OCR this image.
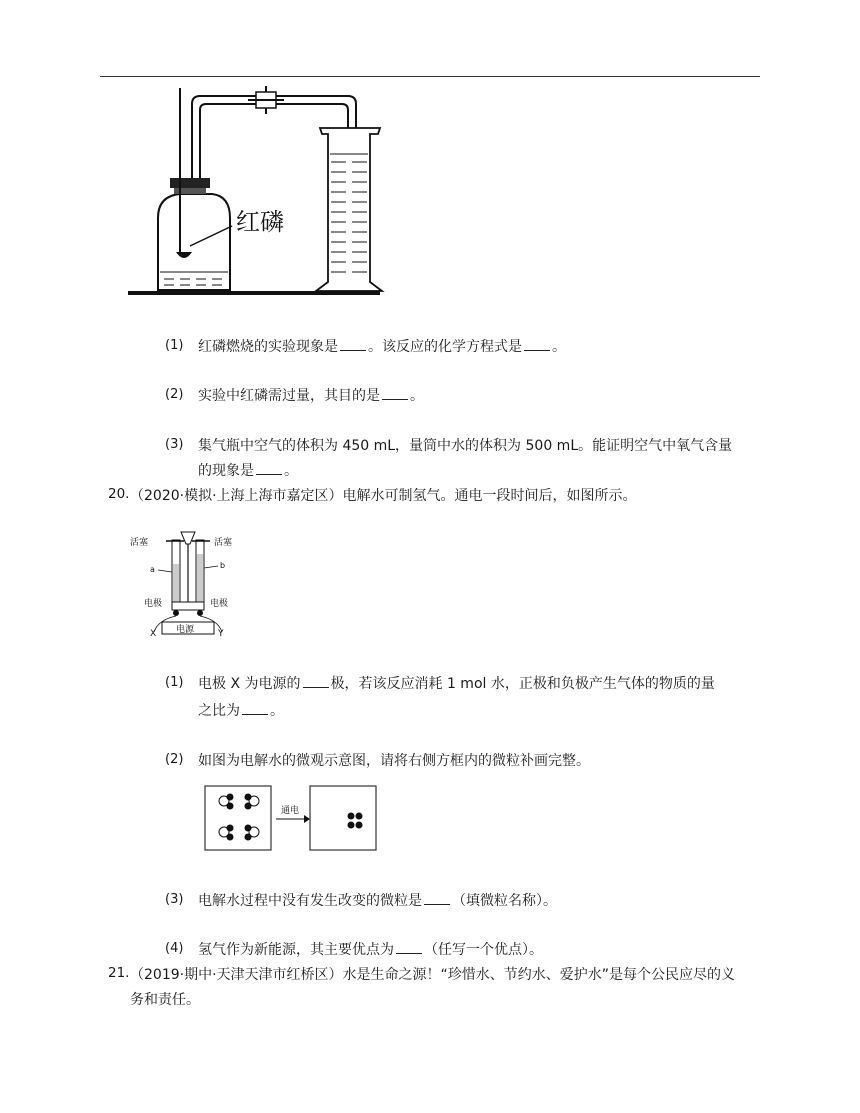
红磷
(1) 红磷燃烧的实验现象是 。该反应的化学方程式是 。
(2) 实验中红磷需过量，其目的是 。
(3) 集气瓶中空气的体积为 450 mL，量筒中水的体积为 500 mL。能证明空气中氧气含量
的现象是 。
20. （2020·模拟·上海上海市嘉定区）电解水可制氢气。通电一段时间后，如图所示。
活塞	活塞
a	b
电极	电极
电源
X	Y
(1) 电极 X 为电源的 极，若该反应消耗 1 mol 水，正极和负极产生气体的物质的量
之比为 。
(2) 如图为电解水的微观示意图，请将右侧方框内的微粒补画完整。
通电
(3) 电解水过程中没有发生改变的微粒是 （填微粒名称）。
(4) 氢气作为新能源，其主要优点为 （任写一个优点）。
21. （2019·期中·天津天津市红桥区）水是生命之源！“珍惜水、节约水、爱护水”是每个公民应尽的义
务和责任。
